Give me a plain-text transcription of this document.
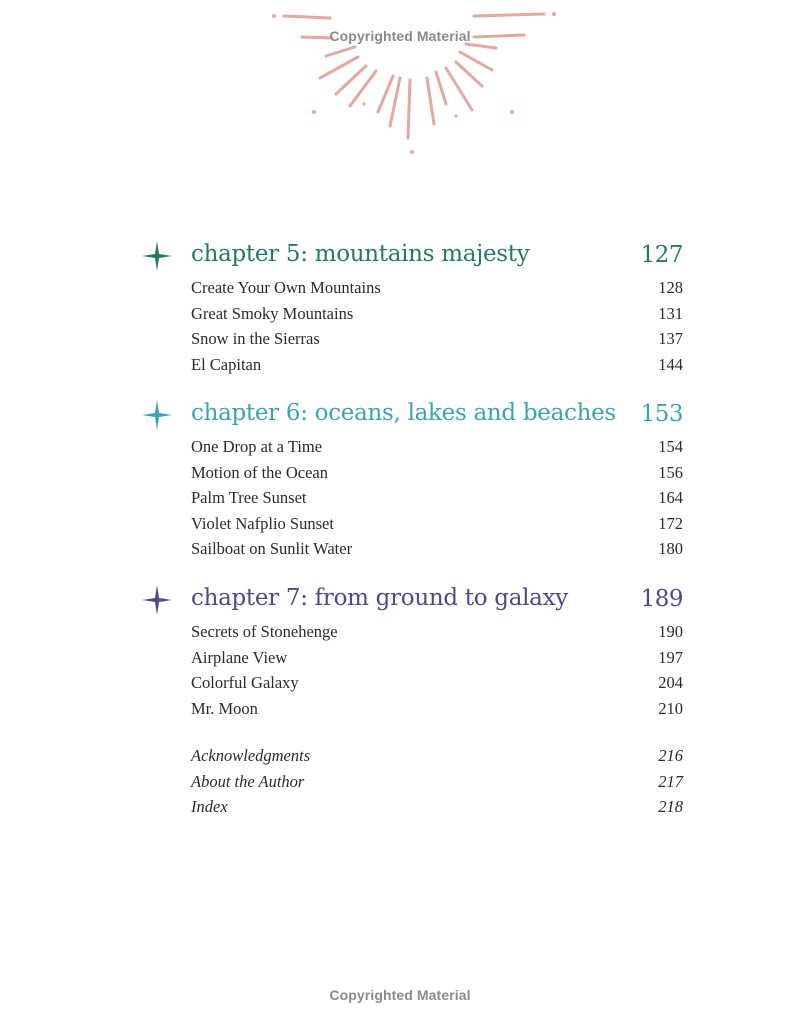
Copyrighted Material
chapter 5: mountains majesty	127
Create Your Own Mountains	128
Great Smoky Mountains	131
Snow in the Sierras	137
El Capitan	144
chapter 6: oceans, lakes and beaches 153
One Drop at a Time	154
Motion of the Ocean	156
Palm Tree Sunset	164
Violet Nafplio Sunset	172
Sailboat on Sunlit Water	180
chapter 7: from ground to galaxy	189
Secrets of Stonehenge	190
Airplane View	197
Colorful Galaxy	204
Mr. Moon	210
Acknowledgments	216
About the Author	217
Index	218
Copyrighted Material
